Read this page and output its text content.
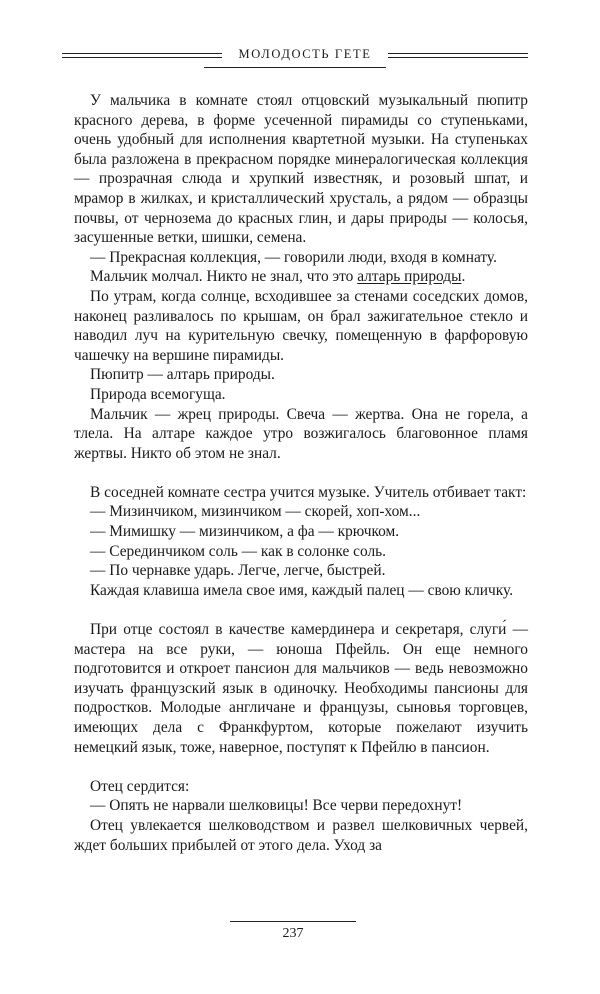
МОЛОДОСТЬ ГЕТЕ

У мальчика в комнате стоял отцовский музыкальный пюпитр красного дерева, в форме усеченной пирамиды со ступеньками, очень удобный для исполнения квартетной музыки. На ступеньках была разложена в прекрасном порядке минералогическая коллекция — прозрачная слюда и хрупкий известняк, и розовый шпат, и мрамор в жилках, и кристаллический хрусталь, а рядом — образцы почвы, от чернозема до красных глин, и дары природы — колосья, засушенные ветки, шишки, семена.

— Прекрасная коллекция, — говорили люди, входя в комнату.

Мальчик молчал. Никто не знал, что это алтарь природы.

По утрам, когда солнце, всходившее за стенами соседских домов, наконец разливалось по крышам, он брал зажигательное стекло и наводил луч на курительную свечку, помещенную в фарфоровую чашечку на вершине пирамиды.

Пюпитр — алтарь природы.

Природа всемогуща.

Мальчик — жрец природы. Свеча — жертва. Она не горела, а тлела. На алтаре каждое утро возжигалось благовонное пламя жертвы. Никто об этом не знал.

В соседней комнате сестра учится музыке. Учитель отбивает такт:

— Мизинчиком, мизинчиком — скорей, хоп-хом...

— Мимишку — мизинчиком, а фа — крючком.

— Серединчиком соль — как в солонке соль.

— По чернавке ударь. Легче, легче, быстрей.

Каждая клавиша имела свое имя, каждый палец — свою кличку.

При отце состоял в качестве камердинера и секретаря, слуги́ — мастера на все руки, — юноша Пфейль. Он еще немного подготовится и откроет пансион для мальчиков — ведь невозможно изучать французский язык в одиночку. Необходимы пансионы для подростков. Молодые англичане и французы, сыновья торговцев, имеющих дела с Франкфуртом, которые пожелают изучить немецкий язык, тоже, наверное, поступят к Пфейлю в пансион.

Отец сердится:

— Опять не нарвали шелковицы! Все черви передохнут!

Отец увлекается шелководством и развел шелковичных червей, ждет больших прибылей от этого дела. Уход за

237
